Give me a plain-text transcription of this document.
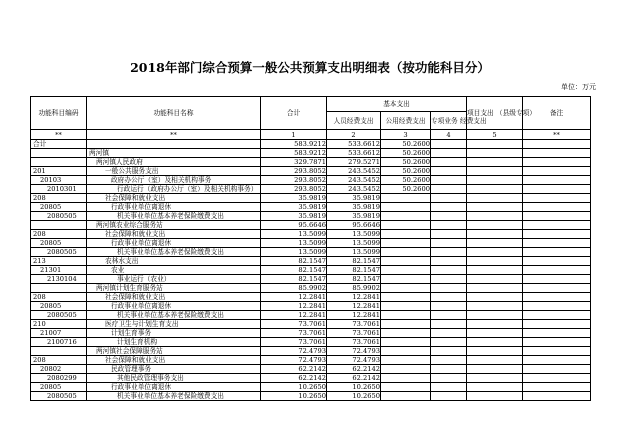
2018年部门综合预算一般公共预算支出明细表（按功能科目分）
单位：万元
功能科目编码	功能科目名称	合计	基本支出			项目支出 （县级专项）	备注
			人员经费支出	公用经费支出	专项业务 经费支出		
**	**	1	2	3	4	5	**
合计		583.9212	533.6612	50.2600			
	两河镇	583.9212	533.6612	50.2600			
	两河镇人民政府	329.7871	279.5271	50.2600			
201	一般公共服务支出	293.8052	243.5452	50.2600			
20103	政府办公厅（室）及相关机构事务	293.8052	243.5452	50.2600			
2010301	行政运行（政府办公厅（室）及相关机构事务）	293.8052	243.5452	50.2600			
208	社会保障和就业支出	35.9819	35.9819				
20805	行政事业单位离退休	35.9819	35.9819				
2080505	机关事业单位基本养老保险缴费支出	35.9819	35.9819				
	两河镇农业综合服务站	95.6646	95.6646				
208	社会保障和就业支出	13.5099	13.5099				
20805	行政事业单位离退休	13.5099	13.5099				
2080505	机关事业单位基本养老保险缴费支出	13.5099	13.5099				
213	农林水支出	82.1547	82.1547				
21301	农业	82.1547	82.1547				
2130104	事业运行（农业）	82.1547	82.1547				
	两河镇计划生育服务站	85.9902	85.9902				
208	社会保障和就业支出	12.2841	12.2841				
20805	行政事业单位离退休	12.2841	12.2841				
2080505	机关事业单位基本养老保险缴费支出	12.2841	12.2841				
210	医疗卫生与计划生育支出	73.7061	73.7061				
21007	计划生育事务	73.7061	73.7061				
2100716	计划生育机构	73.7061	73.7061				
	两河镇社会保障服务站	72.4793	72.4793				
208	社会保障和就业支出	72.4793	72.4793				
20802	民政管理事务	62.2142	62.2142				
2080299	其他民政管理事务支出	62.2142	62.2142				
20805	行政事业单位离退休	10.2650	10.2650				
2080505	机关事业单位基本养老保险缴费支出	10.2650	10.2650				
